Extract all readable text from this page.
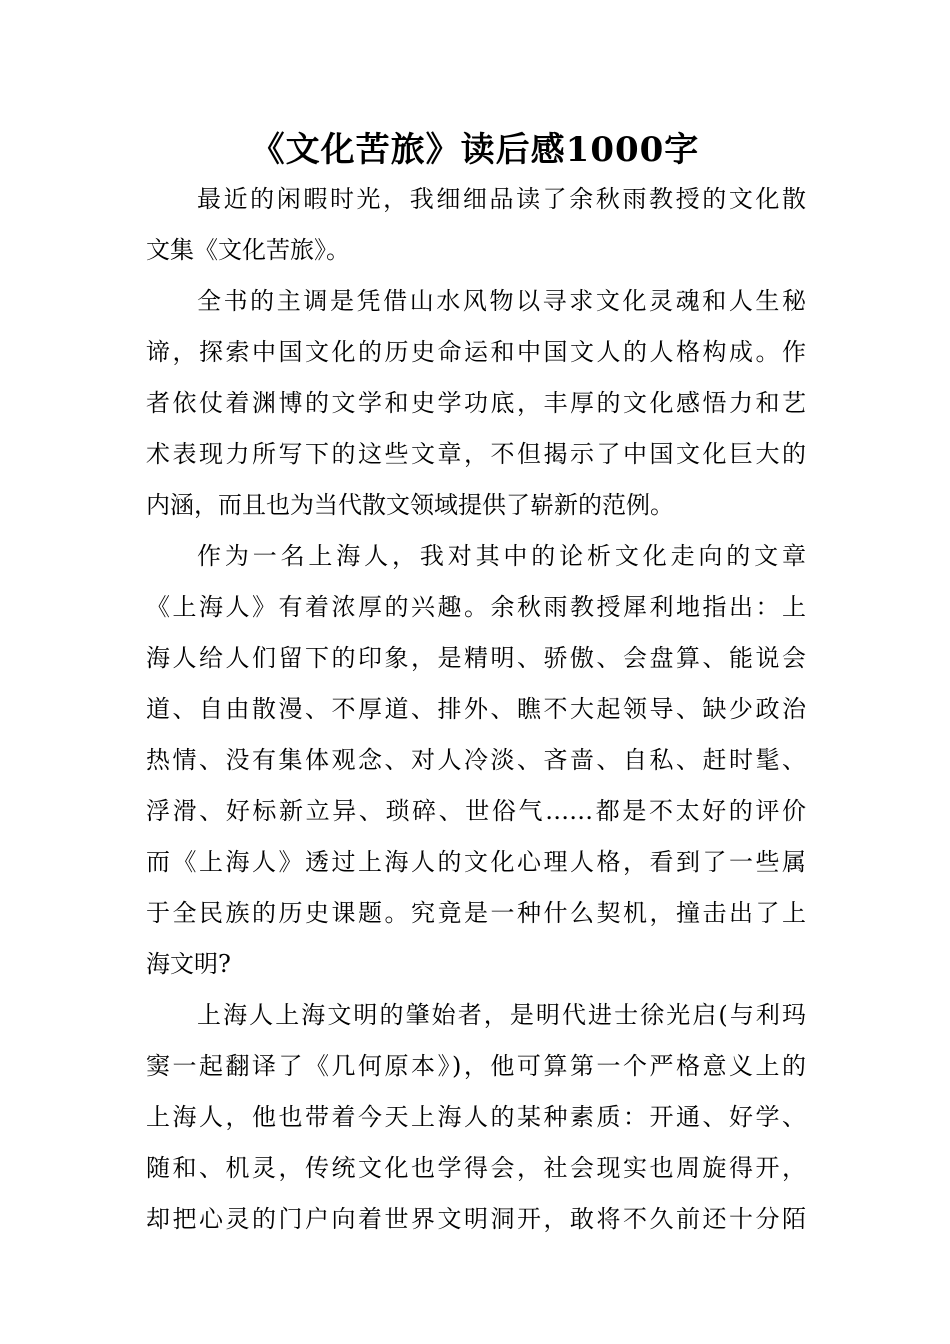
《文化苦旅》读后感1000字
最近的闲暇时光，我细细品读了余秋雨教授的文化散
文集《文化苦旅》。
全书的主调是凭借山水风物以寻求文化灵魂和人生秘
谛，探索中国文化的历史命运和中国文人的人格构成。作
者依仗着渊博的文学和史学功底，丰厚的文化感悟力和艺
术表现力所写下的这些文章，不但揭示了中国文化巨大的
内涵，而且也为当代散文领域提供了崭新的范例。
作为一名上海人，我对其中的论析文化走向的文章
《上海人》有着浓厚的兴趣。余秋雨教授犀利地指出：上
海人给人们留下的印象，是精明、骄傲、会盘算、能说会
道、自由散漫、不厚道、排外、瞧不大起领导、缺少政治
热情、没有集体观念、对人冷淡、吝啬、自私、赶时髦、
浮滑、好标新立异、琐碎、世俗气……都是不太好的评价
而《上海人》透过上海人的文化心理人格，看到了一些属
于全民族的历史课题。究竟是一种什么契机，撞击出了上
海文明?
上海人上海文明的肇始者，是明代进士徐光启(与利玛
窦一起翻译了《几何原本》)，他可算第一个严格意义上的
上海人，他也带着今天上海人的某种素质：开通、好学、
随和、机灵，传统文化也学得会，社会现实也周旋得开，
却把心灵的门户向着世界文明洞开，敢将不久前还十分陌
